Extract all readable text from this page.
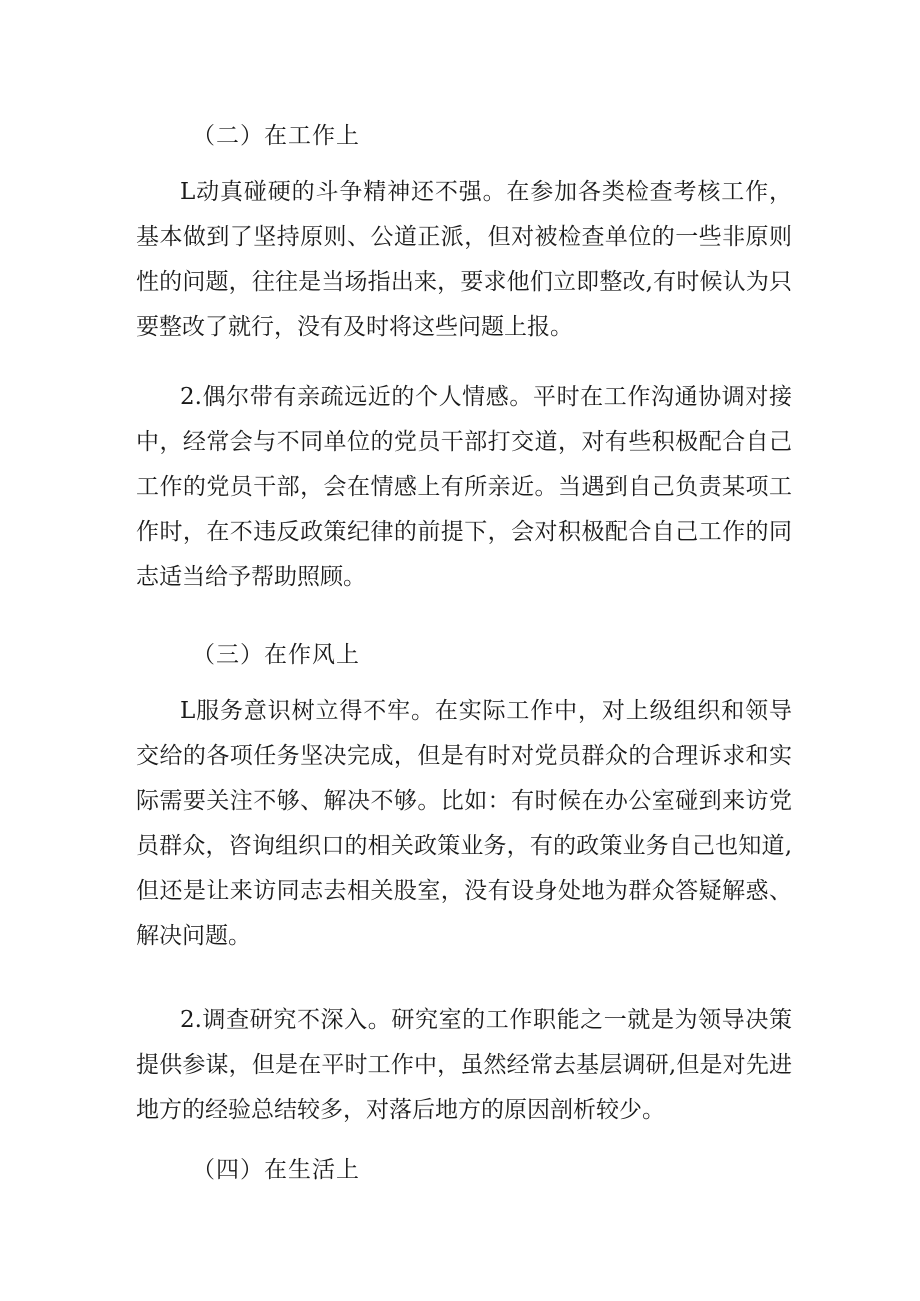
（二）在工作上
L动真碰硬的斗争精神还不强。在参加各类检查考核工作，
基本做到了坚持原则、公道正派，但对被检查单位的一些非原则
性的问题，往往是当场指出来，要求他们立即整改,有时候认为只
要整改了就行，没有及时将这些问题上报。
2.偶尔带有亲疏远近的个人情感。平时在工作沟通协调对接
中，经常会与不同单位的党员干部打交道，对有些积极配合自己
工作的党员干部，会在情感上有所亲近。当遇到自己负责某项工
作时，在不违反政策纪律的前提下，会对积极配合自己工作的同
志适当给予帮助照顾。
（三）在作风上
L服务意识树立得不牢。在实际工作中，对上级组织和领导
交给的各项任务坚决完成，但是有时对党员群众的合理诉求和实
际需要关注不够、解决不够。比如：有时候在办公室碰到来访党
员群众，咨询组织口的相关政策业务，有的政策业务自己也知道,
但还是让来访同志去相关股室，没有设身处地为群众答疑解惑、
解决问题。
2.调查研究不深入。研究室的工作职能之一就是为领导决策
提供参谋，但是在平时工作中，虽然经常去基层调研,但是对先进
地方的经验总结较多，对落后地方的原因剖析较少。
（四）在生活上
